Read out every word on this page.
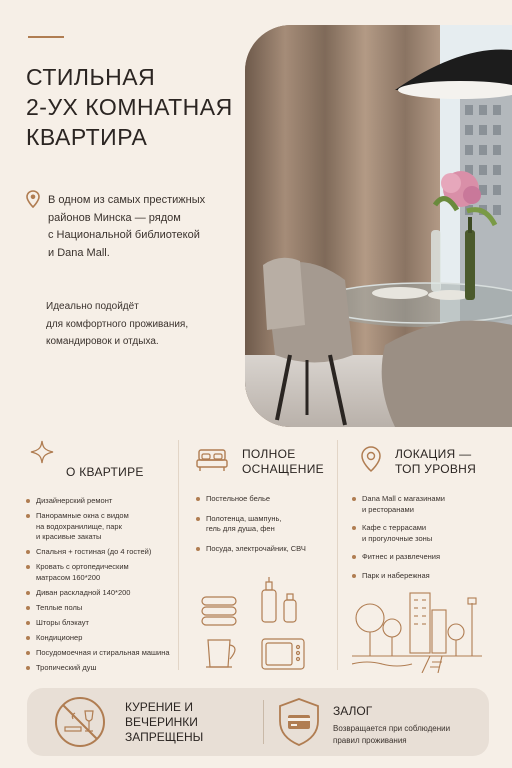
СТИЛЬНАЯ
2-УХ КОМНАТНАЯ
КВАРТИРА
В одном из самых престижных
районов Минска — рядом
с Национальной библиотекой
и Dana Mall.
Идеально подойдёт
для комфортного проживания,
командировок и отдыха.
О КВАРТИРЕ
Дизайнерский ремонт
Панорамные окна с видом
на водохранилище, парк
и красивые закаты
Спальня + гостиная (до 4 гостей)
Кровать с ортопедическим
матрасом 160*200
Диван раскладной 140*200
Теплые полы
Шторы блэкаут
Кондиционер
Посудомоечная и стиральная машина
Тропический душ
ПОЛНОЕ
ОСНАЩЕНИЕ
Постельное белье
Полотенца, шампунь,
гель для душа, фен
Посуда, электрочайник, СВЧ
ЛОКАЦИЯ —
ТОП УРОВНЯ
Dana Mall с магазинами
и ресторанами
Кафе с террасами
и прогулочные зоны
Фитнес и развлечения
Парк и набережная
КУРЕНИЕ И
ВЕЧЕРИНКИ
ЗАПРЕЩЕНЫ
ЗАЛОГ
Возвращается при соблюдении
правил проживания
